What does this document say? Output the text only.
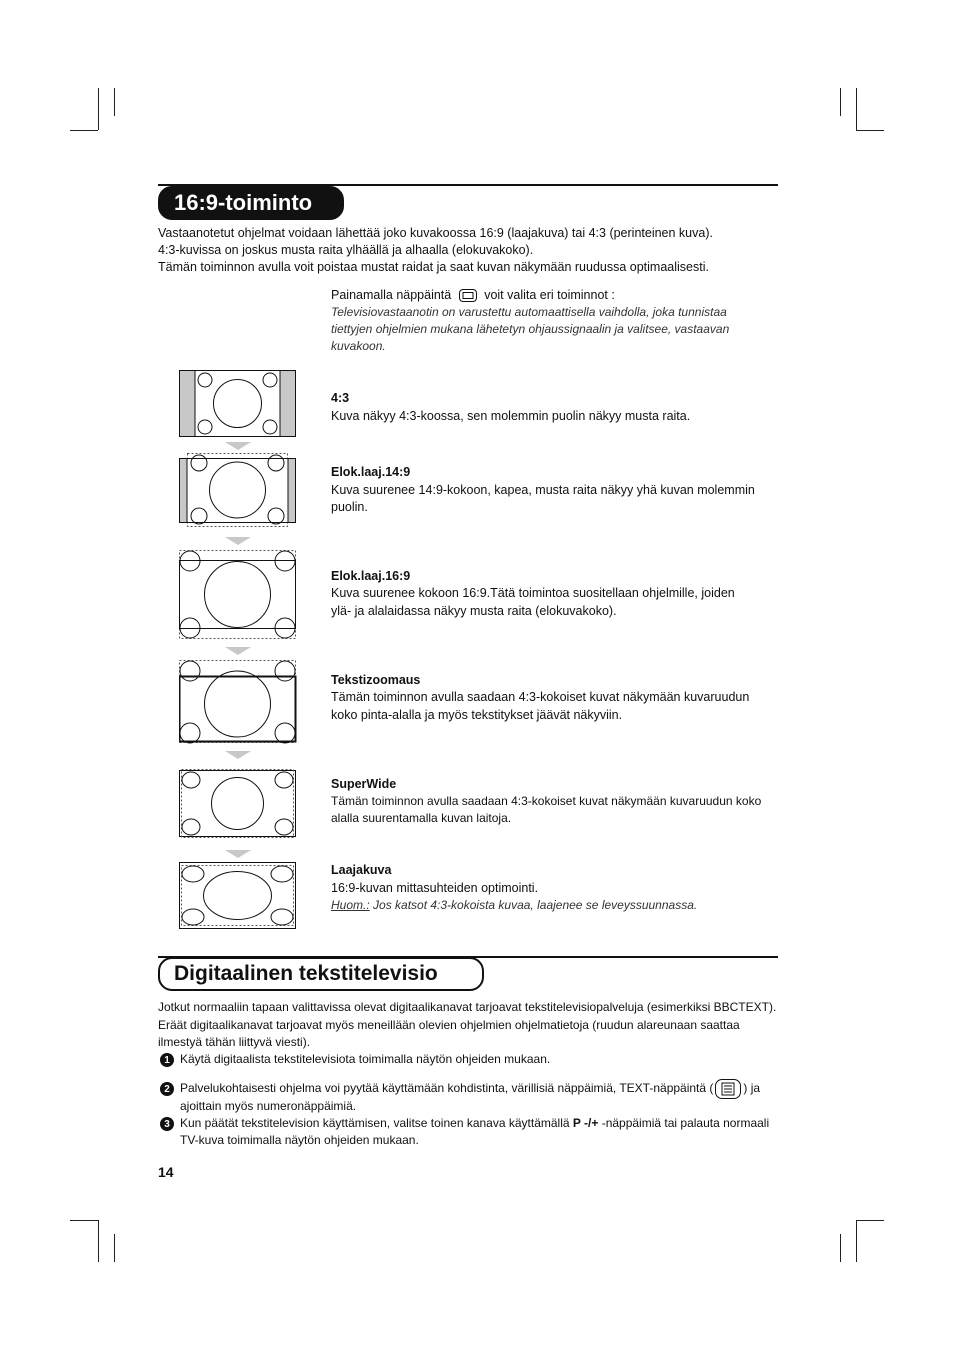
16:9-toiminto
Vastaanotetut ohjelmat voidaan lähettää joko kuvakoossa 16:9 (laajakuva) tai 4:3 (perinteinen kuva).
4:3-kuvissa on joskus musta raita ylhäällä ja alhaalla (elokuvakoko).
Tämän toiminnon avulla voit poistaa mustat raidat ja saat kuvan näkymään ruudussa optimaalisesti.
Painamalla näppäintä	voit valita eri toiminnot :
Televisiovastaanotin on varustettu automaattisella vaihdolla, joka tunnistaa
tiettyjen ohjelmien mukana lähetetyn ohjaussignaalin ja valitsee, vastaavan
kuvakoon.
4:3
Kuva näkyy 4:3-koossa, sen molemmin puolin näkyy musta raita.
Elok.laaj.14:9
Kuva suurenee 14:9-kokoon, kapea, musta raita näkyy yhä kuvan molemmin
puolin.
Elok.laaj.16:9
Kuva suurenee kokoon 16:9.Tätä toimintoa suositellaan ohjelmille, joiden
ylä- ja alalaidassa näkyy musta raita (elokuvakoko).
Tekstizoomaus
Tämän toiminnon avulla saadaan 4:3-kokoiset kuvat näkymään kuvaruudun
koko pinta-alalla ja myös tekstitykset jäävät näkyviin.
SuperWide
Tämän toiminnon avulla saadaan 4:3-kokoiset kuvat näkymään kuvaruudun koko
alalla suurentamalla kuvan laitoja.
Laajakuva
16:9-kuvan mittasuhteiden optimointi.
Huom.: Jos katsot 4:3-kokoista kuvaa, laajenee se leveyssuunnassa.
Digitaalinen tekstitelevisio
Jotkut normaaliin tapaan valittavissa olevat digitaalikanavat tarjoavat tekstitelevisiopalveluja (esimerkiksi BBCTEXT).
Eräät digitaalikanavat tarjoavat myös meneillään olevien ohjelmien ohjelmatietoja (ruudun alareunaan saattaa
ilmestyä tähän liittyvä viesti).
1 Käytä digitaalista tekstitelevisiota toimimalla näytön ohjeiden mukaan.
2 Palvelukohtaisesti ohjelma voi pyytää käyttämään kohdistinta, värillisiä näppäimiä, TEXT-näppäintä (	) ja
ajoittain myös numeronäppäimiä.
3 Kun päätät tekstitelevision käyttämisen, valitse toinen kanava käyttämällä P -/+ -näppäimiä tai palauta normaali
TV-kuva toimimalla näytön ohjeiden mukaan.
14
